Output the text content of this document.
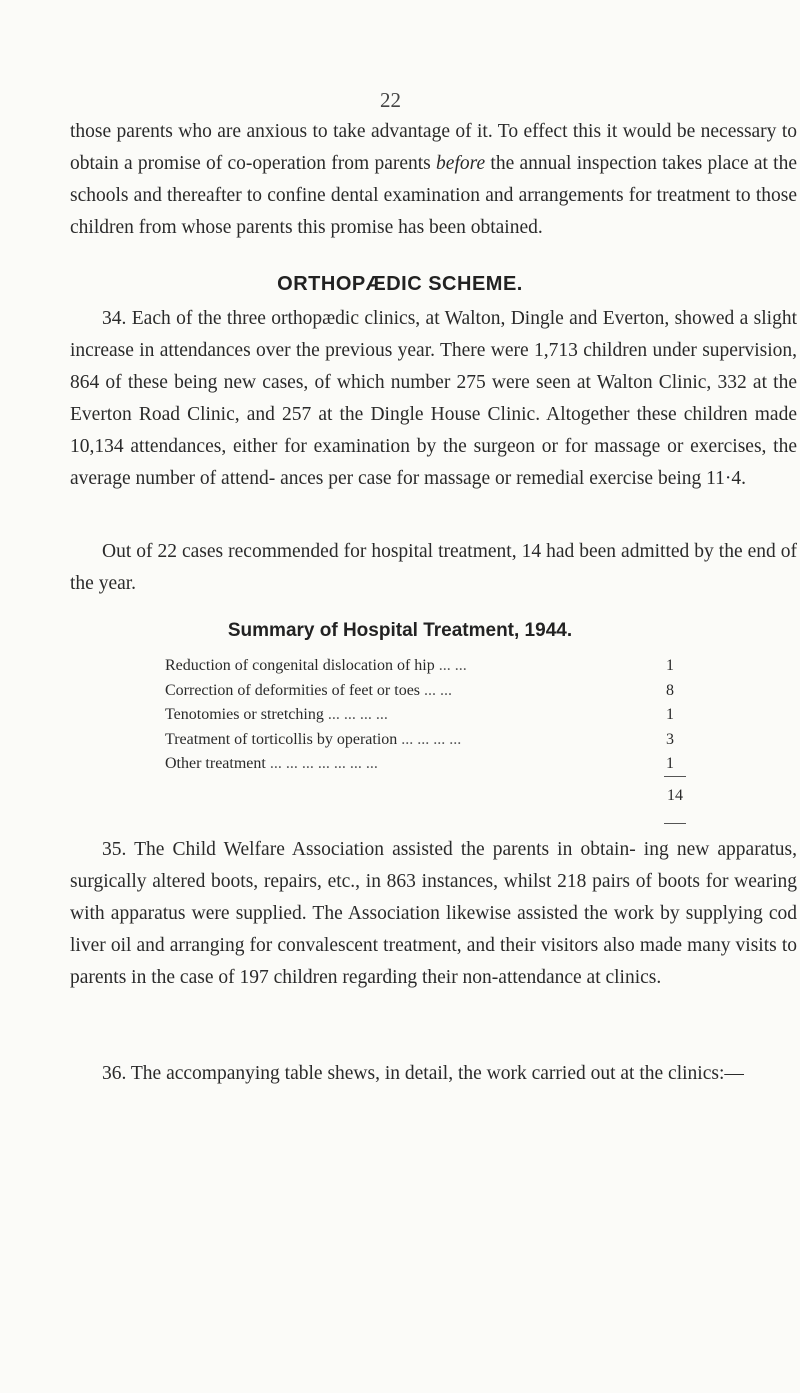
22

those parents who are anxious to take advantage of it. To effect this it would be necessary to obtain a promise of co-operation from parents before the annual inspection takes place at the schools and thereafter to confine dental examination and arrangements for treatment to those children from whose parents this promise has been obtained.

ORTHOPÆDIC SCHEME.

34. Each of the three orthopædic clinics, at Walton, Dingle and Everton, showed a slight increase in attendances over the previous year. There were 1,713 children under supervision, 864 of these being new cases, of which number 275 were seen at Walton Clinic, 332 at the Everton Road Clinic, and 257 at the Dingle House Clinic. Altogether these children made 10,134 attendances, either for examination by the surgeon or for massage or exercises, the average number of attend- ances per case for massage or remedial exercise being 11·4.

Out of 22 cases recommended for hospital treatment, 14 had been admitted by the end of the year.

Summary of Hospital Treatment, 1944.
Reduction of congenital dislocation of hip ... ...	1
Correction of deformities of feet or toes ... ...	8
Tenotomies or stretching ... ... ... ...	1
Treatment of torticollis by operation ... ... ... ...	3
Other treatment ... ... ... ... ... ... ...	1
14

35. The Child Welfare Association assisted the parents in obtain- ing new apparatus, surgically altered boots, repairs, etc., in 863 instances, whilst 218 pairs of boots for wearing with apparatus were supplied. The Association likewise assisted the work by supplying cod liver oil and arranging for convalescent treatment, and their visitors also made many visits to parents in the case of 197 children regarding their non-attendance at clinics.

36. The accompanying table shews, in detail, the work carried out at the clinics:—
